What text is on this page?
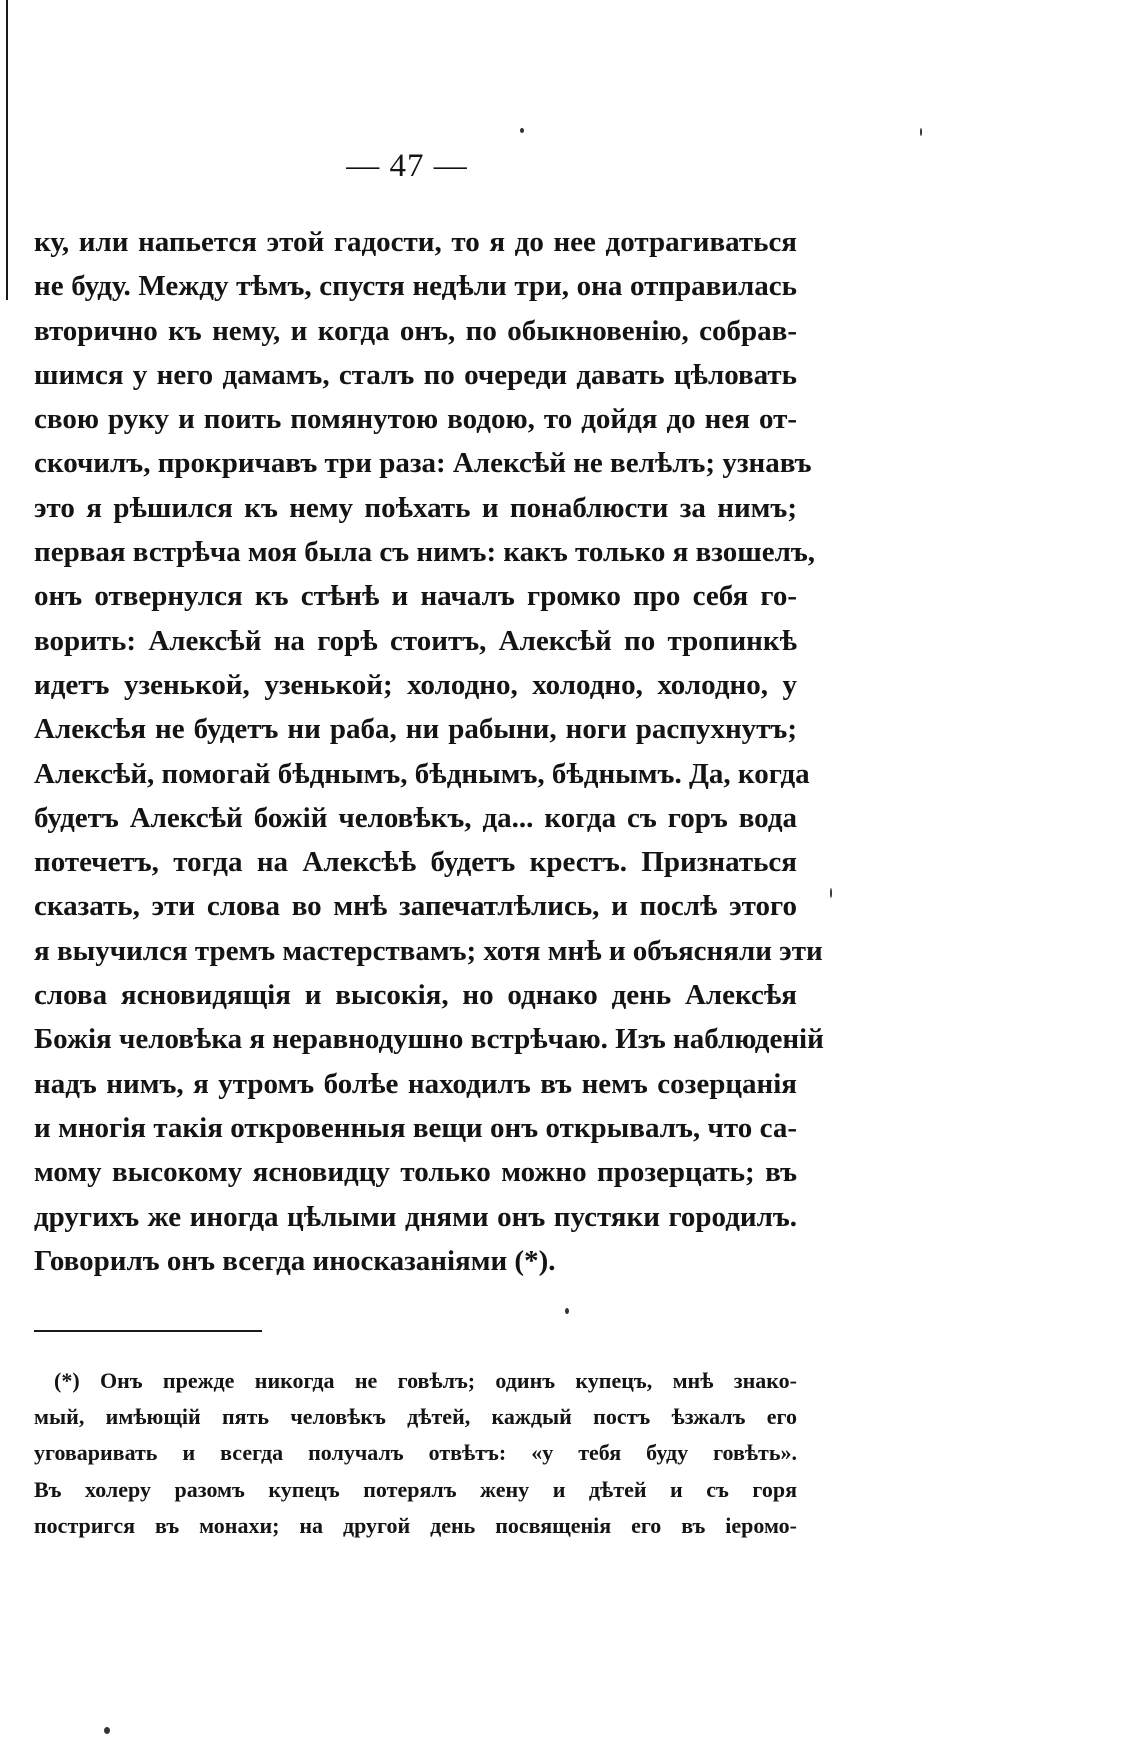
— 47 —
ку, или напьется этой гадости, то я до нее дотрагиваться
не буду. Между тѣмъ, спустя недѣли три, она отправилась
вторично къ нему, и когда онъ, по обыкновенію, собрав-
шимся у него дамамъ, сталъ по очереди давать цѣловать
свою руку и поить помянутою водою, то дойдя до нея от-
скочилъ, прокричавъ три раза: Алексѣй не велѣлъ; узнавъ
это я рѣшился къ нему поѣхать и понаблюсти за нимъ;
первая встрѣча моя была съ нимъ: какъ только я взошелъ,
онъ отвернулся къ стѣнѣ и началъ громко про себя го-
ворить: Алексѣй на горѣ стоитъ, Алексѣй по тропинкѣ
идетъ узенькой, узенькой; холодно, холодно, холодно, у
Алексѣя не будетъ ни раба, ни рабыни, ноги распухнутъ;
Алексѣй, помогай бѣднымъ, бѣднымъ, бѣднымъ. Да, когда
будетъ Алексѣй божій человѣкъ, да... когда съ горъ вода
потечетъ, тогда на Алексѣѣ будетъ крестъ. Признаться
сказать, эти слова во мнѣ запечатлѣлись, и послѣ этого
я выучился тремъ мастерствамъ; хотя мнѣ и объясняли эти
слова ясновидящія и высокія, но однако день Алексѣя
Божія человѣка я неравнодушно встрѣчаю. Изъ наблюденій
надъ нимъ, я утромъ болѣе находилъ въ немъ созерцанія
и многія такія откровенныя вещи онъ открывалъ, что са-
мому высокому ясновидцу только можно прозерцать; въ
другихъ же иногда цѣлыми днями онъ пустяки городилъ.
Говорилъ онъ всегда иносказаніями (*).
(*) Онъ прежде никогда не говѣлъ; одинъ купецъ, мнѣ знако-
мый, имѣющій пять человѣкъ дѣтей, каждый постъ ѣзжалъ его
уговаривать и всегда получалъ отвѣтъ: «у тебя буду говѣть».
Въ холеру разомъ купецъ потерялъ жену и дѣтей и съ горя
постригся въ монахи; на другой день посвященія его въ іеромо-
